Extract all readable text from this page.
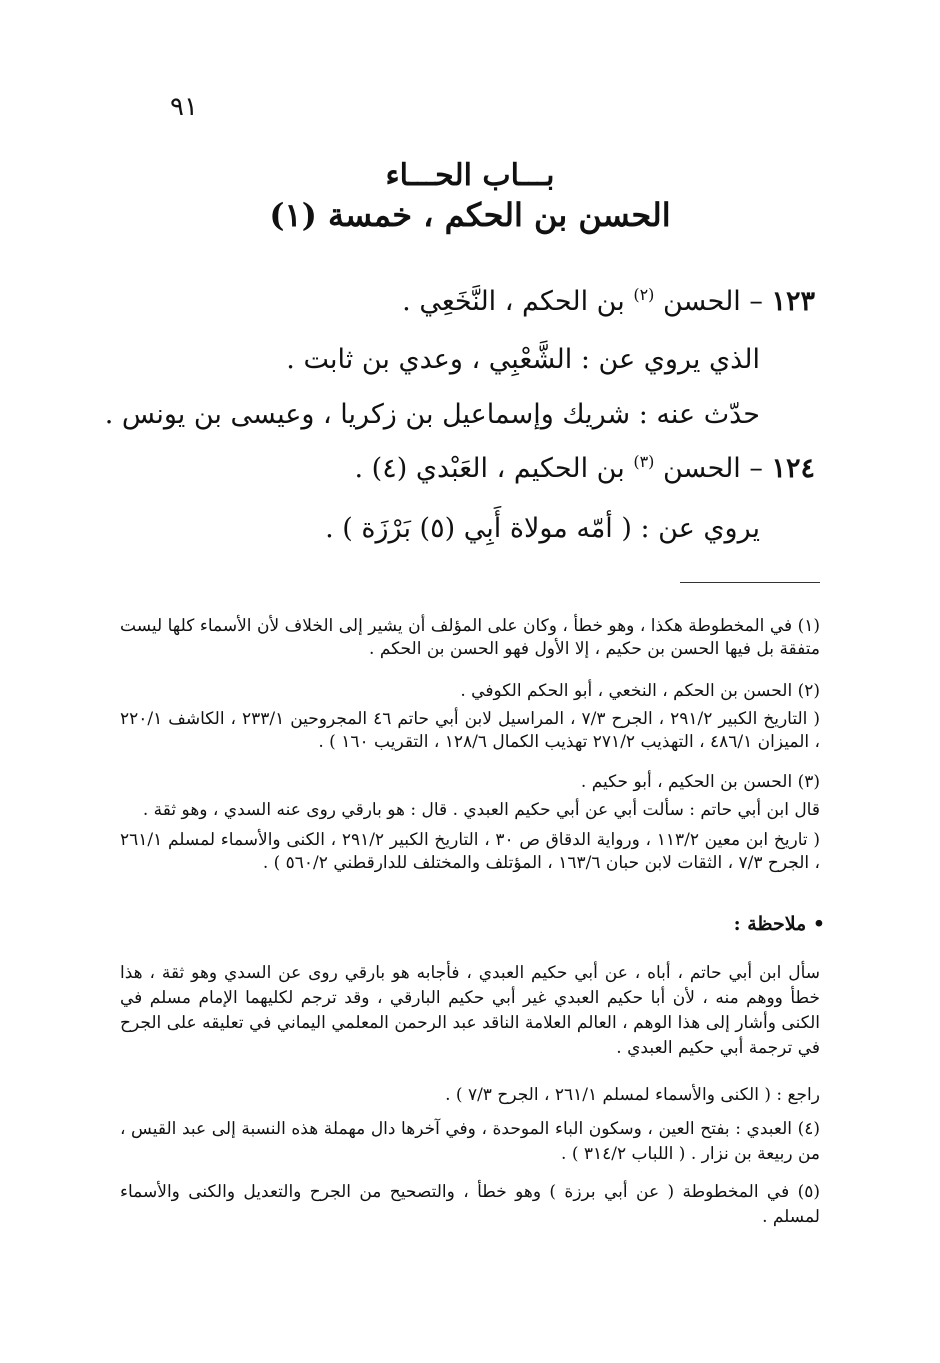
٩١
بـــاب الحـــاء
الحسن بن الحكم ، خمسة (١)
١٢٣ – الحسن $^{(٢)}$ بن الحكم ، النَّخَعِي .
الذي يروي عن : الشَّعْبِي ، وعدي بن ثابت .
حدّث عنه : شريك وإسماعيل بن زكريا ، وعيسى بن يونس .
١٢٤ – الحسن $^{(٣)}$ بن الحكيم ، العَبْدي (٤) .
يروي عن : ( أمّه مولاة أَبِي (٥) بَرْزَة ) .
(١) في المخطوطة هكذا ، وهو خطأ ، وكان على المؤلف أن يشير إلى الخلاف لأن الأسماء كلها ليست متفقة بل فيها الحسن بن حكيم ، إلا الأول فهو الحسن بن الحكم .
(٢) الحسن بن الحكم ، النخعي ، أبو الحكم الكوفي .
( التاريخ الكبير ٢٩١/٢ ، الجرح ٧/٣ ، المراسيل لابن أبي حاتم ٤٦ المجروحين ٢٣٣/١ ، الكاشف ٢٢٠/١ ، الميزان ٤٨٦/١ ، التهذيب ٢٧١/٢ تهذيب الكمال ١٢٨/٦ ، التقريب ١٦٠ ) .
(٣) الحسن بن الحكيم ، أبو حكيم .
قال ابن أبي حاتم : سألت أبي عن أبي حكيم العبدي . قال : هو بارقي روى عنه السدي ، وهو ثقة .
( تاريخ ابن معين ١١٣/٢ ، ورواية الدقاق ص ٣٠ ، التاريخ الكبير ٢٩١/٢ ، الكنى والأسماء لمسلم ٢٦١/١ ، الجرح ٧/٣ ، الثقات لابن حبان ١٦٣/٦ ، المؤتلف والمختلف للدارقطني ٥٦٠/٢ ) .
• ملاحظة :
سأل ابن أبي حاتم ، أباه ، عن أبي حكيم العبدي ، فأجابه هو بارقي روى عن السدي وهو ثقة ، هذا خطأ ووهم منه ، لأن أبا حكيم العبدي غير أبي حكيم البارقي ، وقد ترجم لكليهما الإمام مسلم في الكنى وأشار إلى هذا الوهم ، العالم العلامة الناقد عبد الرحمن المعلمي اليماني في تعليقه على الجرح في ترجمة أبي حكيم العبدي .
راجع : ( الكنى والأسماء لمسلم ٢٦١/١ ، الجرح ٧/٣ ) .
(٤) العبدي : بفتح العين ، وسكون الباء الموحدة ، وفي آخرها دال مهملة هذه النسبة إلى عبد القيس ، من ربيعة بن نزار . ( اللباب ٣١٤/٢ ) .
(٥) في المخطوطة ( عن أبي برزة ) وهو خطأ ، والتصحيح من الجرح والتعديل والكنى والأسماء لمسلم .
